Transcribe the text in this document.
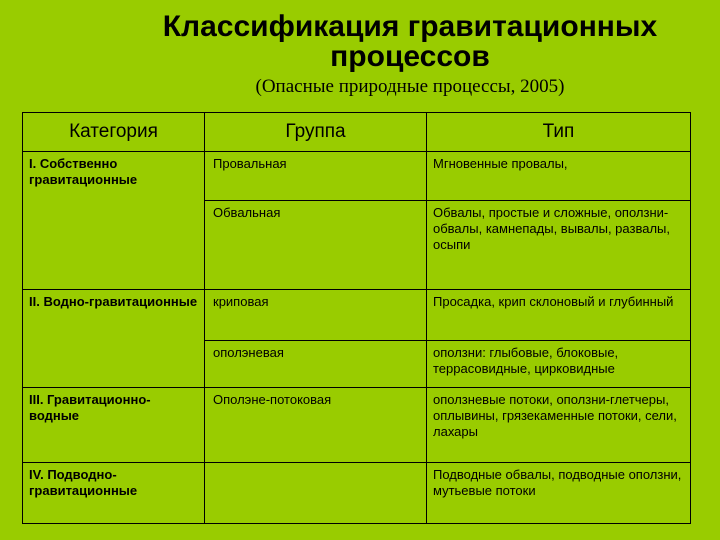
Классификация гравитационных
процессов
(Опасные природные процессы, 2005)
Категория	Группа	Тип
I. Собственно гравитационные	Провальная	Мгновенные провалы,
	Обвальная	Обвалы, простые и сложные, оползни-обвалы, камнепады, вывалы, развалы, осыпи
II. Водно-гравитационные	криповая	Просадка, крип склоновый и глубинный
	ополэневая	оползни: глыбовые, блоковые, террасовидные, цирковидные
III. Гравитационно-водные	Ополэне-потоковая	оползневые потоки, оползни-глетчеры, оплывины, грязекаменные потоки, сели, лахары
IV. Подводно-гравитационные		Подводные обвалы, подводные оползни, мутьевые потоки
